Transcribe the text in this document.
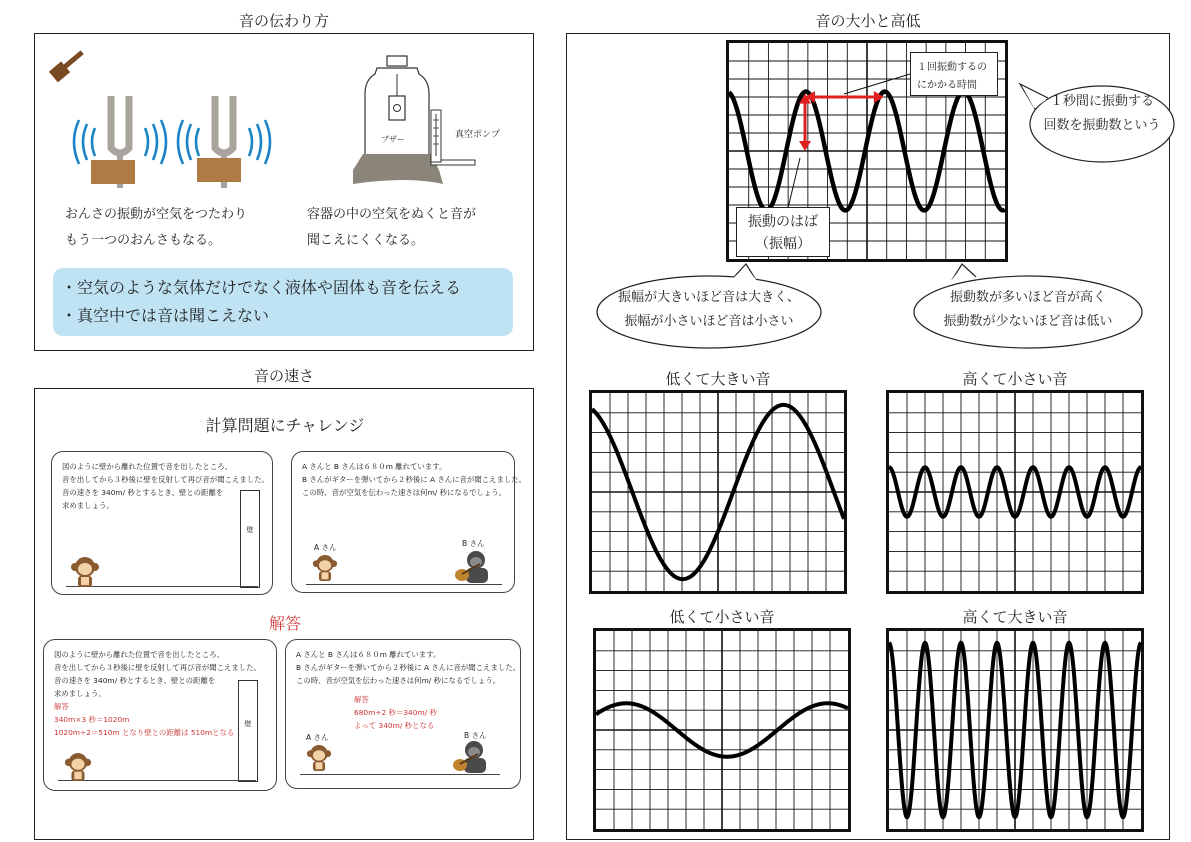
音の伝わり方
ブザー	真空ポンプ
おんさの振動が空気をつたわり
もう一つのおんさもなる。
容器の中の空気をぬくと音が
聞こえにくくなる。
・空気のような気体だけでなく液体や固体も音を伝える
・真空中では音は聞こえない
音の速さ
計算問題にチャレンジ
図のように壁から離れた位置で音を出したところ、
音を出してから３秒後に壁を反射して再び音が聞こえました。
音の速さを 340m/ 秒とするとき、壁との距離を
求めましょう。
壁
A さんと B さんは６８０m 離れています。
B さんがギターを弾いてから２秒後に A さんに音が聞こえました。
この時、音が空気を伝わった速さは何m/ 秒になるでしょう。
A さん	B さん
解答
図のように壁から離れた位置で音を出したところ、
音を出してから３秒後に壁を反射して再び音が聞こえました。
音の速さを 340m/ 秒とするとき、壁との距離を
求めましょう。
解答
340m×3 秒＝1020m
1020m÷2＝510m となり壁との距離は 510mとなる
壁
A さんと B さんは６８０m 離れています。
B さんがギターを弾いてから２秒後に A さんに音が聞こえました。
この時、音が空気を伝わった速さは何m/ 秒になるでしょう。
解答
680m÷2 秒＝340m/ 秒
よって 340m/ 秒となる
A さん	B さん
音の大小と高低
１回振動するの
にかかる時間
振動のはば
（振幅）
１秒間に振動する
回数を振動数という
振幅が大きいほど音は大きく、
振幅が小さいほど音は小さい
振動数が多いほど音が高く
振動数が少ないほど音は低い
低くて大きい音	高くて小さい音
低くて小さい音	高くて大きい音
